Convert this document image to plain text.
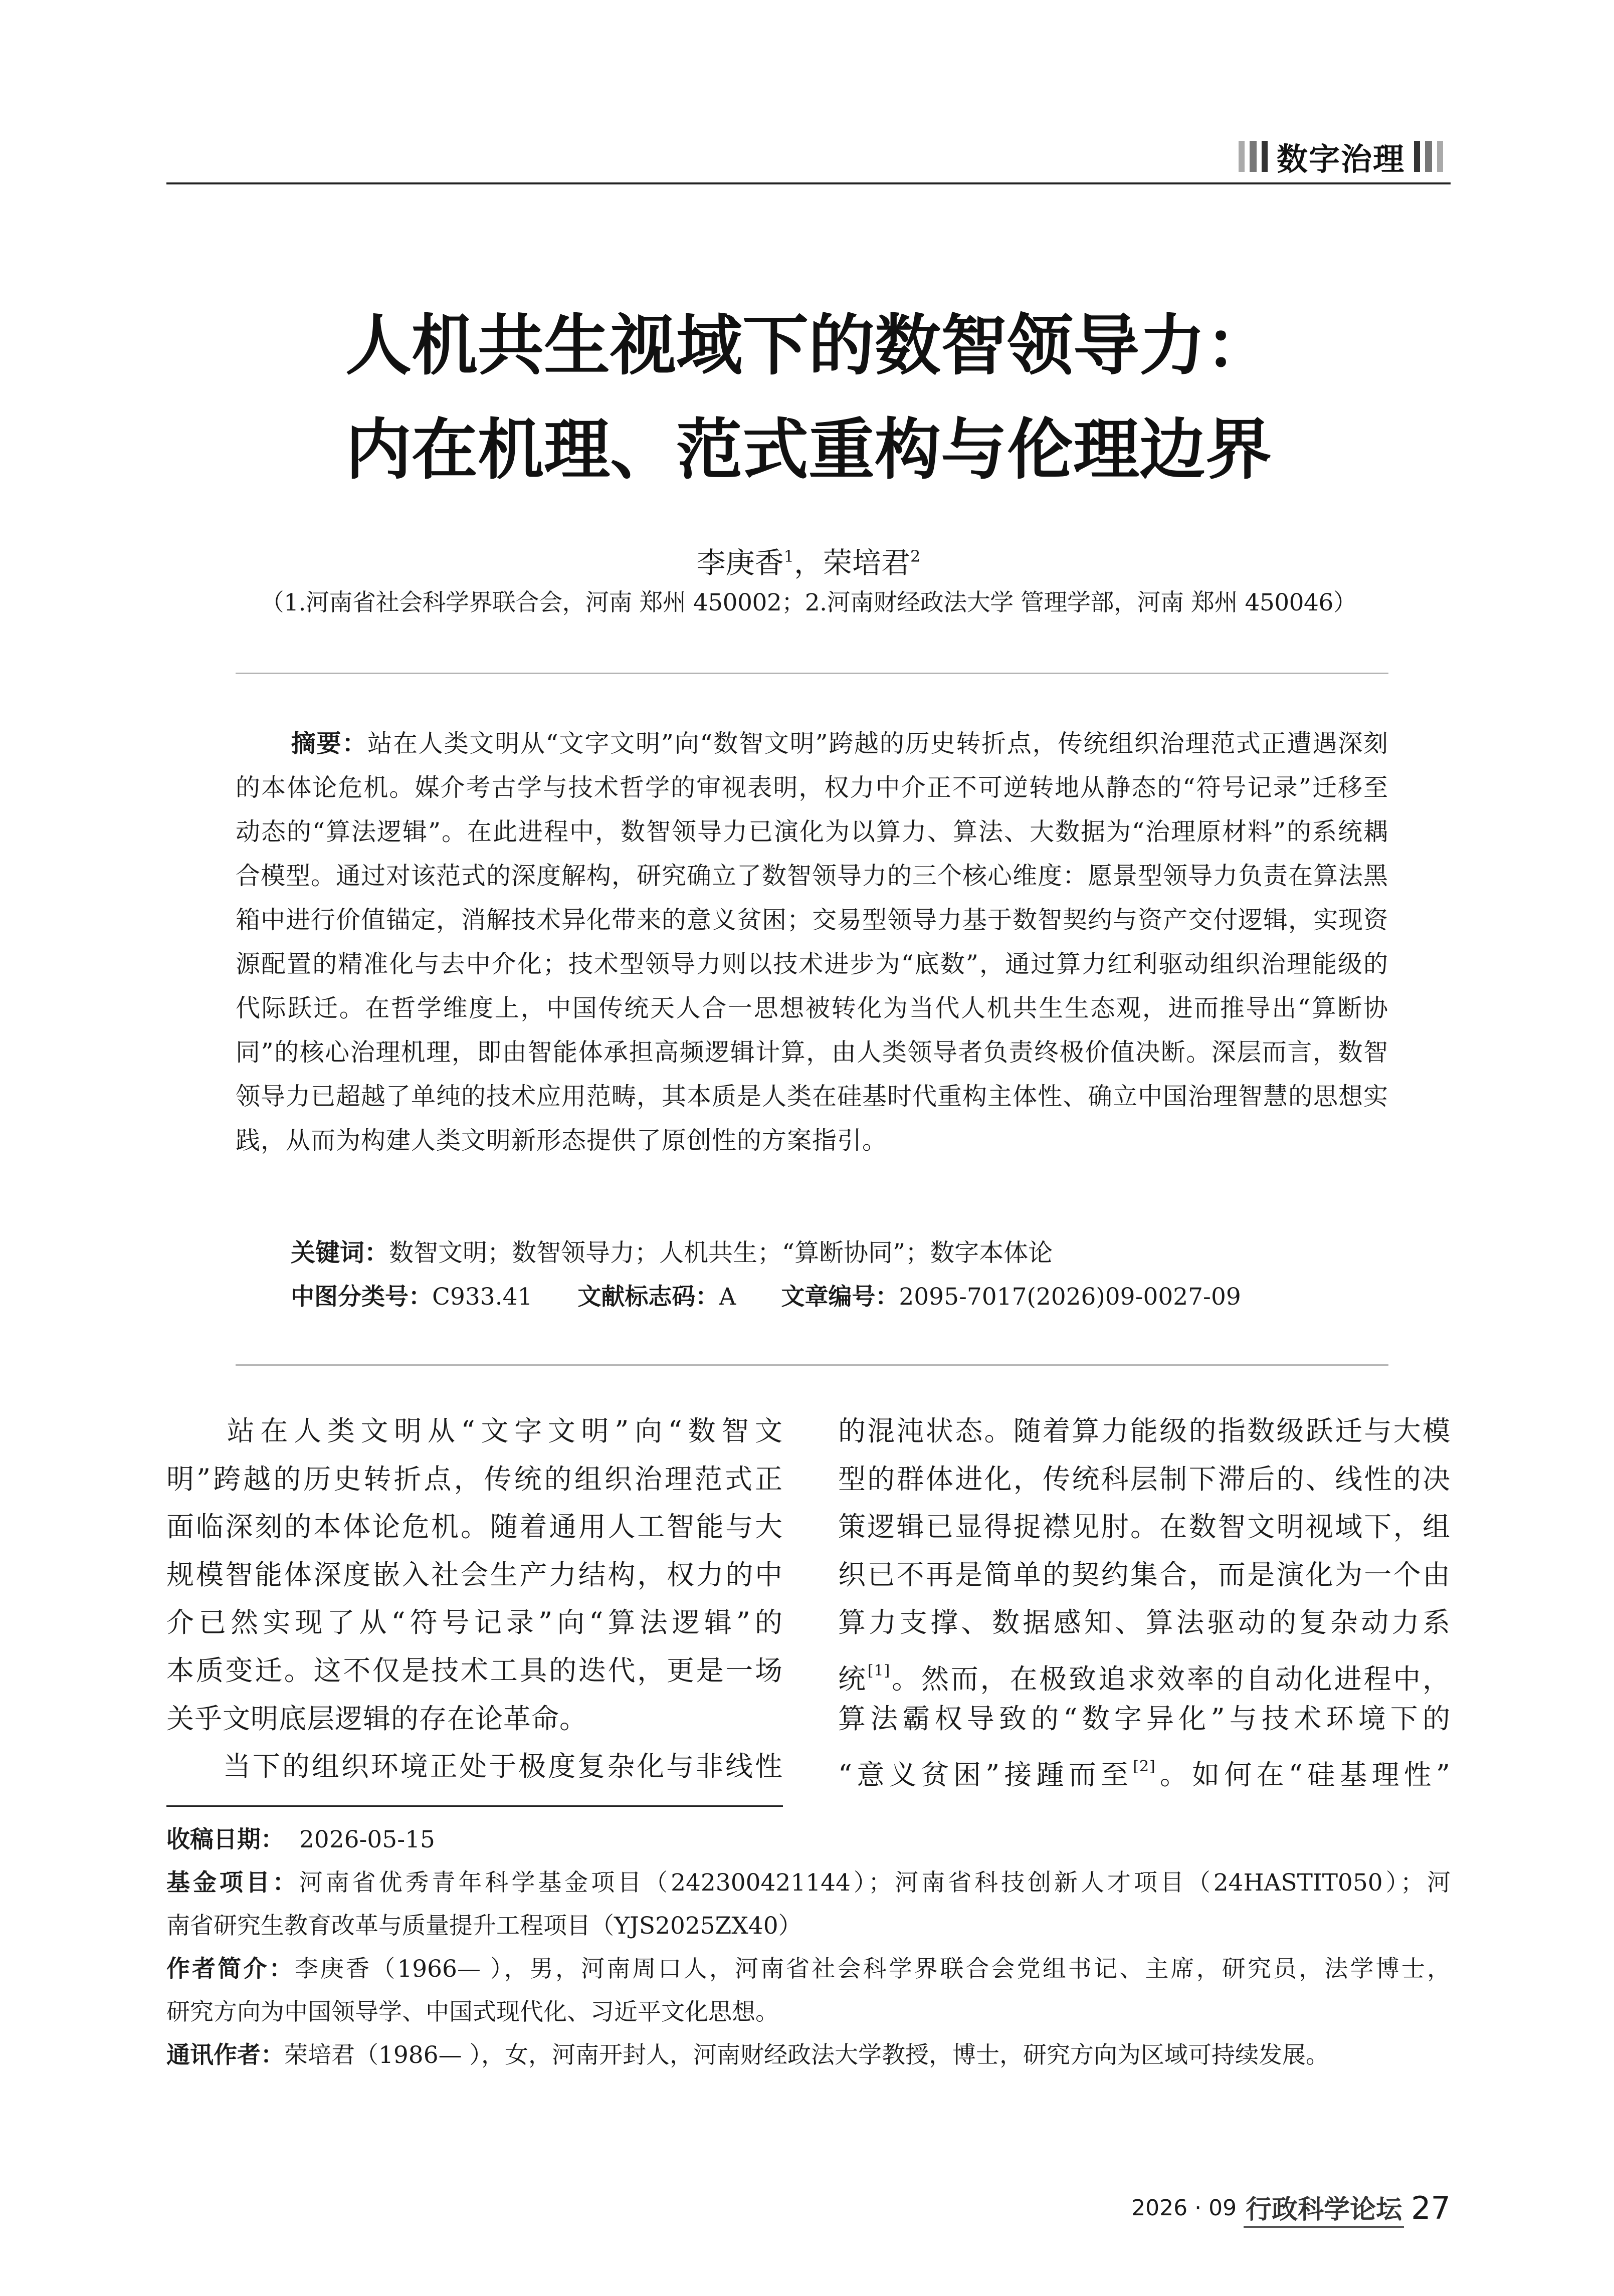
数字治理
人机共生视域下的数智领导力：
内在机理、范式重构与伦理边界
李庚香$^1$，荣培君$^2$
（1.河南省社会科学界联合会，河南 郑州 450002；2.河南财经政法大学 管理学部，河南 郑州 450046）
摘要：站在人类文明从“文字文明”向“数智文明”跨越的历史转折点，传统组织治理范式正遭遇深刻的本体论危机。媒介考古学与技术哲学的审视表明，权力中介正不可逆转地从静态的“符号记录”迁移至动态的“算法逻辑”。在此进程中，数智领导力已演化为以算力、算法、大数据为“治理原材料”的系统耦合模型。通过对该范式的深度解构，研究确立了数智领导力的三个核心维度：愿景型领导力负责在算法黑箱中进行价值锚定，消解技术异化带来的意义贫困；交易型领导力基于数智契约与资产交付逻辑，实现资源配置的精准化与去中介化；技术型领导力则以技术进步为“底数”，通过算力红利驱动组织治理能级的代际跃迁。在哲学维度上，中国传统天人合一思想被转化为当代人机共生生态观，进而推导出“算断协同”的核心治理机理，即由智能体承担高频逻辑计算，由人类领导者负责终极价值决断。深层而言，数智领导力已超越了单纯的技术应用范畴，其本质是人类在硅基时代重构主体性、确立中国治理智慧的思想实践，从而为构建人类文明新形态提供了原创性的方案指引。
关键词：数智文明；数智领导力；人机共生；“算断协同”；数字本体论
中图分类号：C933.41 文献标志码：A 文章编号：2095-7017(2026)09-0027-09
站在人类文明从“文字文明”向“数智文
明”跨越的历史转折点，传统的组织治理范式正
面临深刻的本体论危机。随着通用人工智能与大
规模智能体深度嵌入社会生产力结构，权力的中
介已然实现了从“符号记录”向“算法逻辑”的
本质变迁。这不仅是技术工具的迭代，更是一场
关乎文明底层逻辑的存在论革命。
当下的组织环境正处于极度复杂化与非线性
的混沌状态。随着算力能级的指数级跃迁与大模
型的群体进化，传统科层制下滞后的、线性的决
策逻辑已显得捉襟见肘。在数智文明视域下，组
织已不再是简单的契约集合，而是演化为一个由
算力支撑、数据感知、算法驱动的复杂动力系
统[1]。然而，在极致追求效率的自动化进程中，
算法霸权导致的“数字异化”与技术环境下的
“意义贫困”接踵而至[2]。如何在“硅基理性”
收稿日期： 2026-05-15
基金项目：河南省优秀青年科学基金项目（242300421144）；河南省科技创新人才项目（24HASTIT050）；河
南省研究生教育改革与质量提升工程项目（YJS2025ZX40）
作者简介：李庚香（1966— ），男，河南周口人，河南省社会科学界联合会党组书记、主席，研究员，法学博士，
研究方向为中国领导学、中国式现代化、习近平文化思想。
通讯作者：荣培君（1986— ），女，河南开封人，河南财经政法大学教授，博士，研究方向为区域可持续发展。
2026 · 09 行政科学论坛 27
